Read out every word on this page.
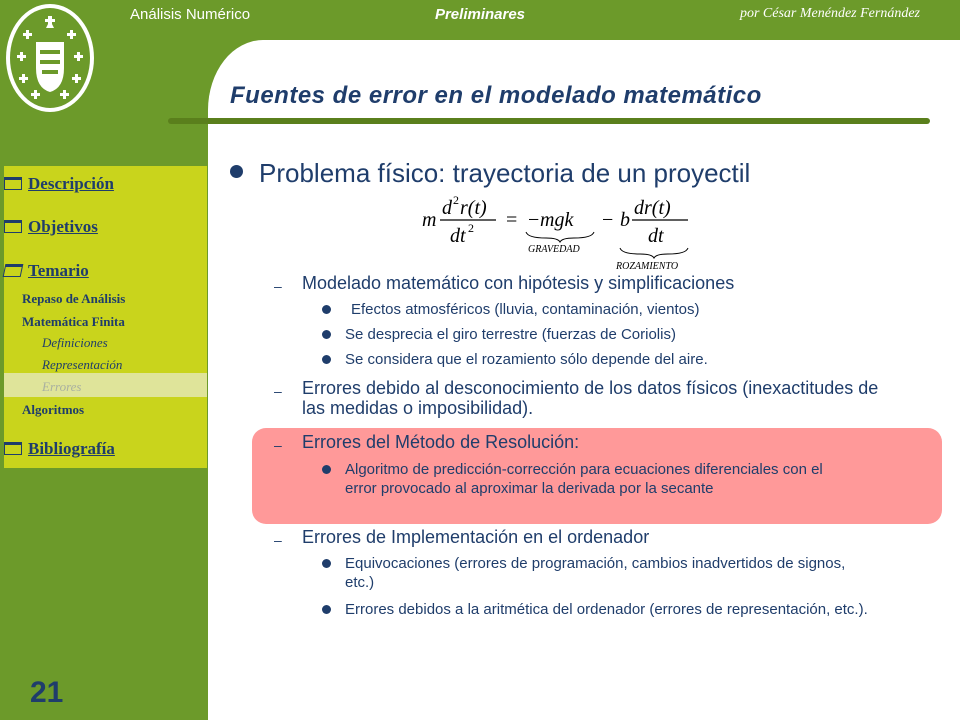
Análisis Numérico	Preliminares	por César Menéndez Fernández
Fuentes de error en el modelado matemático
Descripción
Objetivos
Temario
Repaso de Análisis
Matemática Finita
Definiciones
Representación
Errores
Algoritmos
Bibliografía
21
Problema físico: trayectoria de un proyectil
m
d 2 r(t)
dt 2 = − mgk
GRAVEDAD
− b
dr(t)
dt
ROZAMIENTO
– Modelado matemático con hipótesis y simplificaciones
Efectos atmosféricos (lluvia, contaminación, vientos)
Se desprecia el giro terrestre (fuerzas de Coriolis)
Se considera que el rozamiento sólo depende del aire.
– Errores debido al desconocimiento de los datos físicos (inexactitudes de las medidas o imposibilidad).
– Errores del Método de Resolución:
Algoritmo de predicción-corrección para ecuaciones diferenciales con el error provocado al aproximar la derivada por la secante
– Errores de Implementación en el ordenador
Equivocaciones (errores de programación, cambios inadvertidos de signos, etc.)
Errores debidos a la aritmética del ordenador (errores de representación, etc.).
